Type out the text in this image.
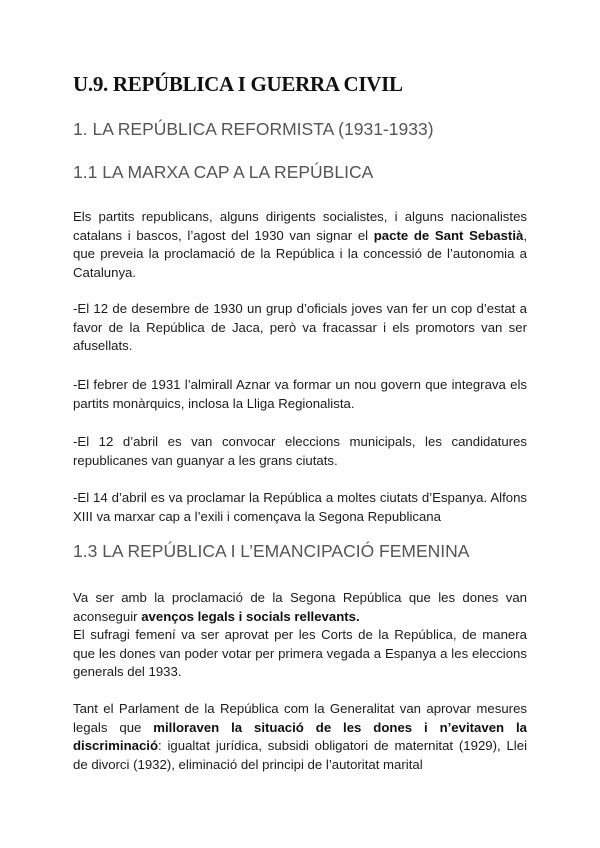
U.9. REPÚBLICA I GUERRA CIVIL
1. LA REPÚBLICA REFORMISTA (1931-1933)
1.1 LA MARXA CAP A LA REPÚBLICA

Els partits republicans, alguns dirigents socialistes, i alguns nacionalistes catalans i bascos, l’agost del 1930 van signar el pacte de Sant Sebastià, que preveia la proclamació de la República i la concessió de l’autonomia a Catalunya.

-El 12 de desembre de 1930 un grup d’oficials joves van fer un cop d’estat a favor de la República de Jaca, però va fracassar i els promotors van ser afusellats.

-El febrer de 1931 l’almirall Aznar va formar un nou govern que integrava els partits monàrquics, inclosa la Lliga Regionalista.

-El 12 d’abril es van convocar eleccions municipals, les candidatures republicanes van guanyar a les grans ciutats.

-El 14 d’abril es va proclamar la República a moltes ciutats d’Espanya. Alfons XIII va marxar cap a l’exili i començava la Segona Republicana

1.3 LA REPÚBLICA I L’EMANCIPACIÓ FEMENINA

Va ser amb la proclamació de la Segona República que les dones van aconseguir avenços legals i socials rellevants.
El sufragi femení va ser aprovat per les Corts de la República, de manera que les dones van poder votar per primera vegada a Espanya a les eleccions generals del 1933.

Tant el Parlament de la República com la Generalitat van aprovar mesures legals que milloraven la situació de les dones i n’evitaven la discriminació: igualtat jurídica, subsidi obligatori de maternitat (1929), Llei de divorci (1932), eliminació del principi de l’autoritat marital
